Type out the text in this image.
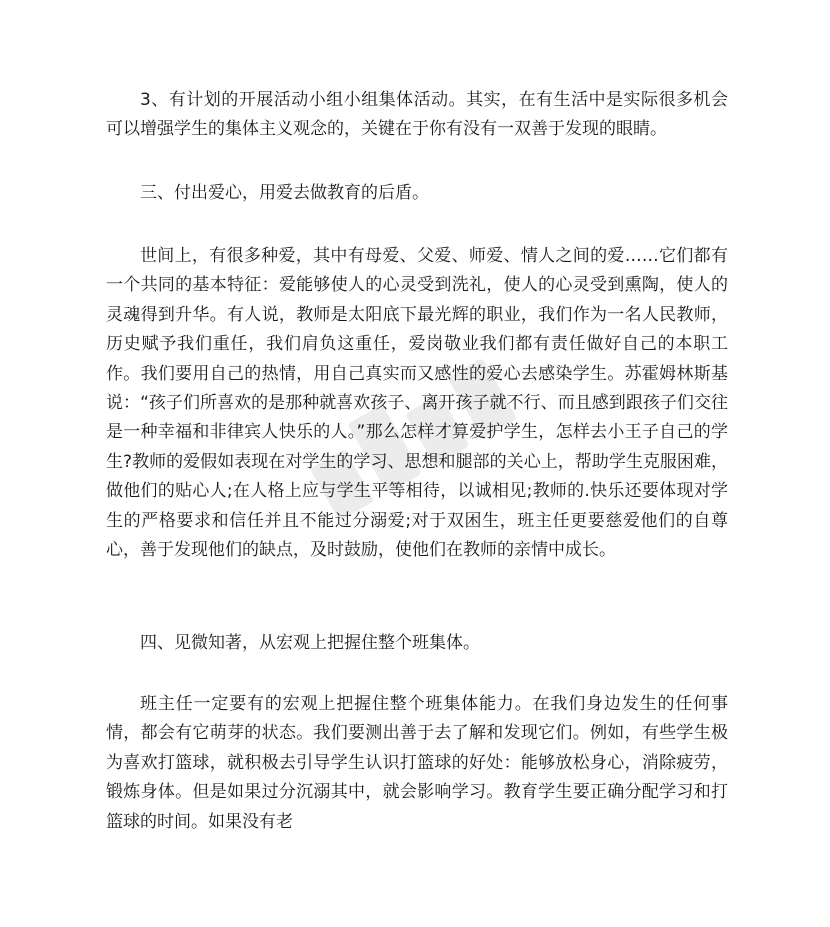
3、有计划的开展活动小组小组集体活动。其实，在有生活中是实际很多机会可以增强学生的集体主义观念的，关键在于你有没有一双善于发现的眼睛。

三、付出爱心，用爱去做教育的后盾。

世间上，有很多种爱，其中有母爱、父爱、师爱、情人之间的爱……它们都有一个共同的基本特征：爱能够使人的心灵受到洗礼，使人的心灵受到熏陶，使人的灵魂得到升华。有人说，教师是太阳底下最光辉的职业，我们作为一名人民教师，历史赋予我们重任，我们肩负这重任，爱岗敬业我们都有责任做好自己的本职工作。我们要用自己的热情，用自己真实而又感性的爱心去感染学生。苏霍姆林斯基说：“孩子们所喜欢的是那种就喜欢孩子、离开孩子就不行、而且感到跟孩子们交往是一种幸福和非律宾人快乐的人。”那么怎样才算爱护学生，怎样去小王子自己的学生?教师的爱假如表现在对学生的学习、思想和腿部的关心上，帮助学生克服困难，做他们的贴心人;在人格上应与学生平等相待，以诚相见;教师的.快乐还要体现对学生的严格要求和信任并且不能过分溺爱;对于双困生，班主任更要慈爱他们的自尊心，善于发现他们的缺点，及时鼓励，使他们在教师的亲情中成长。

四、见微知著，从宏观上把握住整个班集体。

班主任一定要有的宏观上把握住整个班集体能力。在我们身边发生的任何事情，都会有它萌芽的状态。我们要测出善于去了解和发现它们。例如，有些学生极为喜欢打篮球，就积极去引导学生认识打篮球的好处：能够放松身心，消除疲劳，锻炼身体。但是如果过分沉溺其中，就会影响学习。教育学生要正确分配学习和打篮球的时间。如果没有老
